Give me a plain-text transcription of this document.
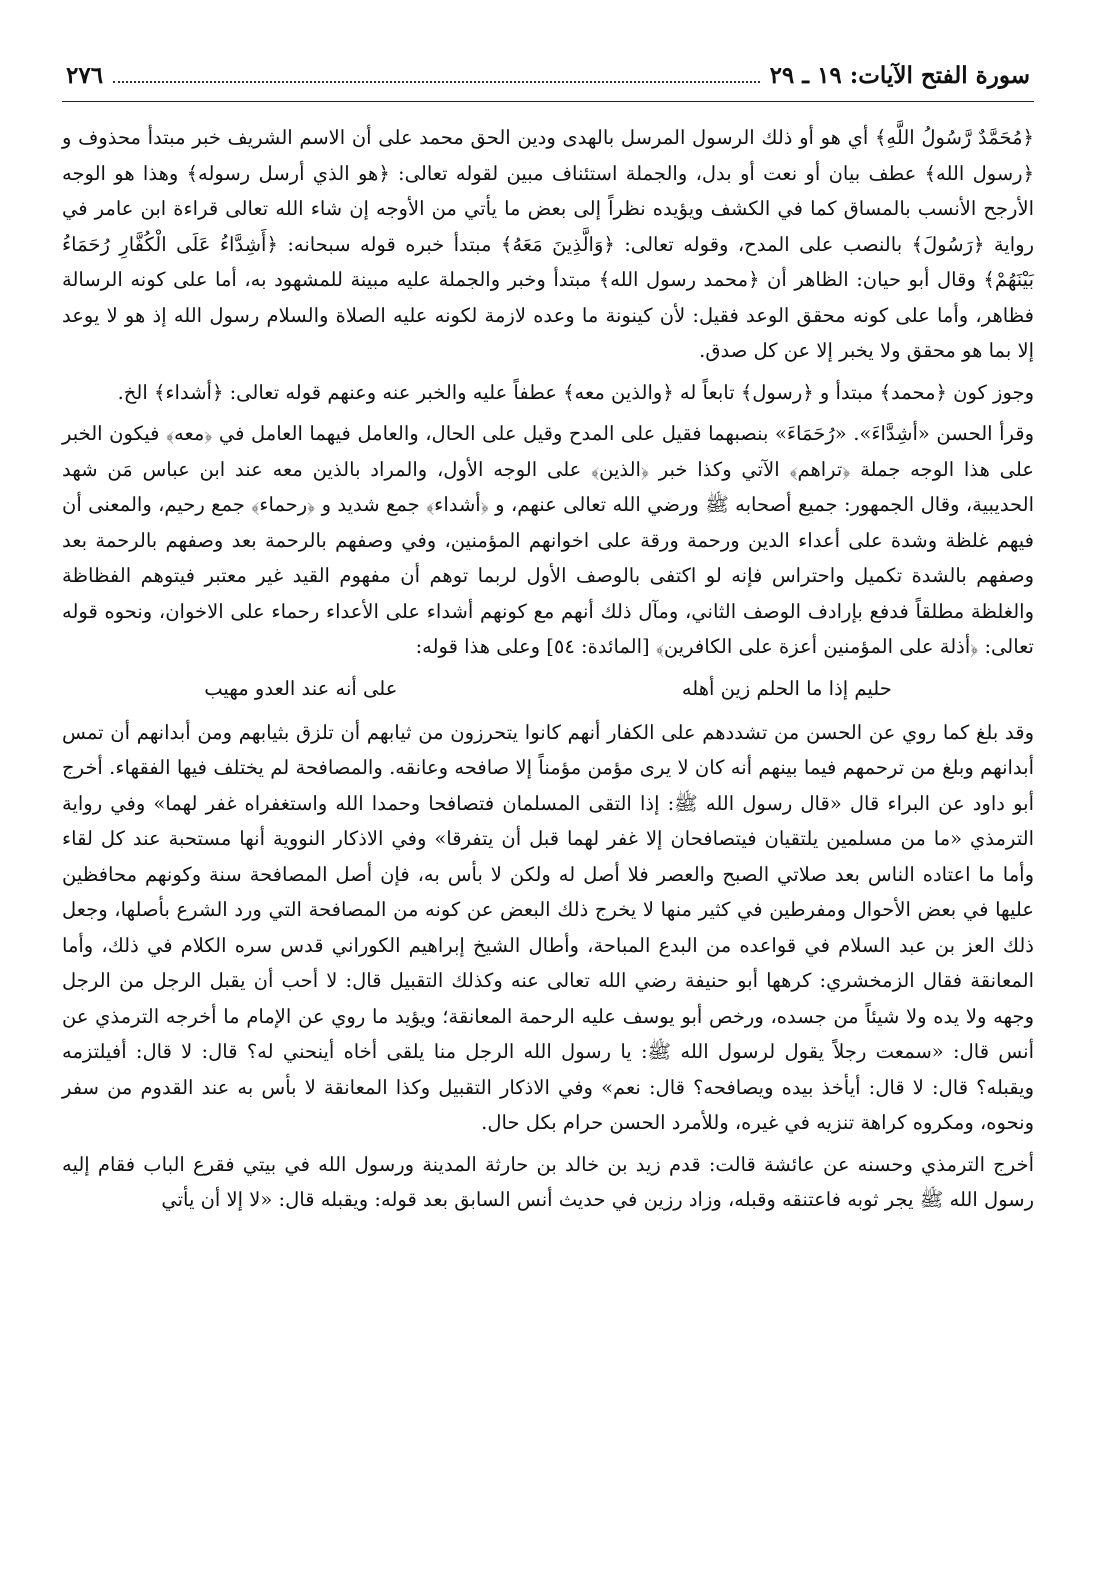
سورة الفتح الآيات: ١٩ ـ ٢٩
٢٧٦
﴿مُحَمَّدٌ رَّسُولُ اللَّهِ﴾ أي هو أو ذلك الرسول المرسل بالهدى ودين الحق محمد على أن الاسم الشريف خبر مبتدأ محذوف و ﴿رسول الله﴾ عطف بيان أو نعت أو بدل، والجملة استئناف مبين لقوله تعالى: ﴿هو الذي أرسل رسوله﴾ وهذا هو الوجه الأرجح الأنسب بالمساق كما في الكشف ويؤيده نظراً إلى بعض ما يأتي من الأوجه إن شاء الله تعالى قراءة ابن عامر في رواية ﴿رَسُولَ﴾ بالنصب على المدح، وقوله تعالى: ﴿وَالَّذِينَ مَعَهُ﴾ مبتدأ خبره قوله سبحانه: ﴿أَشِدَّاءُ عَلَى الْكُفَّارِ رُحَمَاءُ بَيْنَهُمْ﴾ وقال أبو حيان: الظاهر أن ﴿محمد رسول الله﴾ مبتدأ وخبر والجملة عليه مبينة للمشهود به، أما على كونه الرسالة فظاهر، وأما على كونه محقق الوعد فقيل: لأن كينونة ما وعده لازمة لكونه عليه الصلاة والسلام رسول الله إذ هو لا يوعد إلا بما هو محقق ولا يخبر إلا عن كل صدق.
وجوز كون ﴿محمد﴾ مبتدأ و ﴿رسول﴾ تابعاً له ﴿والذين معه﴾ عطفاً عليه والخبر عنه وعنهم قوله تعالى: ﴿أشداء﴾ الخ.
وقرأ الحسن «أشِدَّاءَ». «رُحَمَاءَ» بنصبهما فقيل على المدح وقيل على الحال، والعامل فيهما العامل في ﴿معه﴾ فيكون الخبر على هذا الوجه جملة ﴿تراهم﴾ الآتي وكذا خبر ﴿الذين﴾ على الوجه الأول، والمراد بالذين معه عند ابن عباس مَن شهد الحديبية، وقال الجمهور: جميع أصحابه ﷺ ورضي الله تعالى عنهم، و ﴿أشداء﴾ جمع شديد و ﴿رحماء﴾ جمع رحيم، والمعنى أن فيهم غلظة وشدة على أعداء الدين ورحمة ورقة على اخوانهم المؤمنين، وفي وصفهم بالرحمة بعد وصفهم بالرحمة بعد وصفهم بالشدة تكميل واحتراس فإنه لو اكتفى بالوصف الأول لربما توهم أن مفهوم القيد غير معتبر فيتوهم الفظاظة والغلظة مطلقاً فدفع بإرادف الوصف الثاني، ومآل ذلك أنهم مع كونهم أشداء على الأعداء رحماء على الاخوان، ونحوه قوله تعالى: ﴿أذلة على المؤمنين أعزة على الكافرين﴾ [المائدة: ٥٤] وعلى هذا قوله:
حليم إذا ما الحلم زين أهله
على أنه عند العدو مهيب
وقد بلغ كما روي عن الحسن من تشددهم على الكفار أنهم كانوا يتحرزون من ثيابهم أن تلزق بثيابهم ومن أبدانهم أن تمس أبدانهم وبلغ من ترحمهم فيما بينهم أنه كان لا يرى مؤمن مؤمناً إلا صافحه وعانقه. والمصافحة لم يختلف فيها الفقهاء. أخرج أبو داود عن البراء قال «قال رسول الله ﷺ: إذا التقى المسلمان فتصافحا وحمدا الله واستغفراه غفر لهما» وفي رواية الترمذي «ما من مسلمين يلتقيان فيتصافحان إلا غفر لهما قبل أن يتفرقا» وفي الاذكار النووية أنها مستحبة عند كل لقاء وأما ما اعتاده الناس بعد صلاتي الصبح والعصر فلا أصل له ولكن لا بأس به، فإن أصل المصافحة سنة وكونهم محافظين عليها في بعض الأحوال ومفرطين في كثير منها لا يخرج ذلك البعض عن كونه من المصافحة التي ورد الشرع بأصلها، وجعل ذلك العز بن عبد السلام في قواعده من البدع المباحة، وأطال الشيخ إبراهيم الكوراني قدس سره الكلام في ذلك، وأما المعانقة فقال الزمخشري: كرهها أبو حنيفة رضي الله تعالى عنه وكذلك التقبيل قال: لا أحب أن يقبل الرجل من الرجل وجهه ولا يده ولا شيئاً من جسده، ورخص أبو يوسف عليه الرحمة المعانقة؛ ويؤيد ما روي عن الإمام ما أخرجه الترمذي عن أنس قال: «سمعت رجلاً يقول لرسول الله ﷺ: يا رسول الله الرجل منا يلقى أخاه أينحني له؟ قال: لا قال: أفيلتزمه ويقبله؟ قال: لا قال: أيأخذ بيده ويصافحه؟ قال: نعم» وفي الاذكار التقبيل وكذا المعانقة لا بأس به عند القدوم من سفر ونحوه، ومكروه كراهة تنزيه في غيره، وللأمرد الحسن حرام بكل حال.
أخرج الترمذي وحسنه عن عائشة قالت: قدم زيد بن خالد بن حارثة المدينة ورسول الله في بيتي فقرع الباب فقام إليه رسول الله ﷺ يجر ثوبه فاعتنقه وقبله، وزاد رزين في حديث أنس السابق بعد قوله: ويقبله قال: «لا إلا أن يأتي
